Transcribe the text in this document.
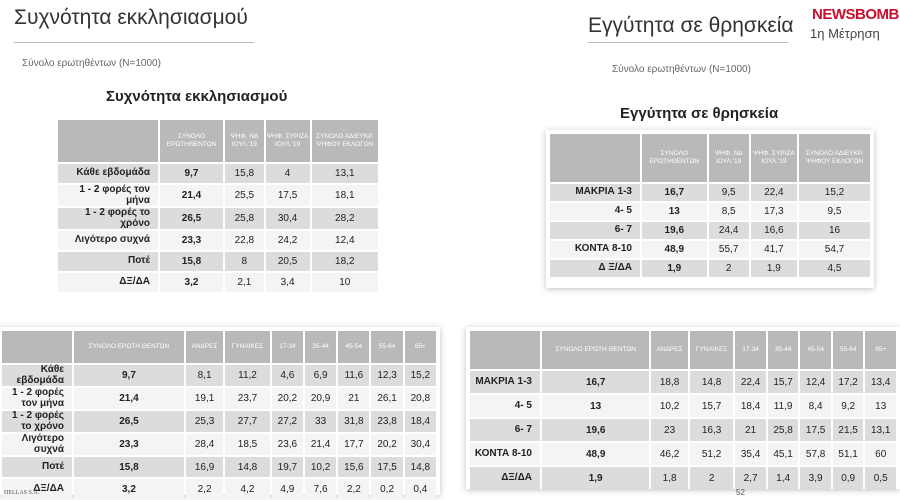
Συχνότητα εκκλησιασμού	Εγγύτητα σε θρησκεία NEWSBOMB
1η Μέτρηση
Σύνολο ερωτηθέντων (N=1000)
Σύνολο ερωτηθέντων (N=1000)
Συχνότητα εκκλησιασμού
Εγγύτητα σε θρησκεία
	ΣΥΝΟΛΟ ΕΡΩΤΗΘΕΝΤΩΝ	ΨΗΦ. ΝΔ ΙΟΥΛ.'19	ΨΗΦ. ΣΥΡΙΖΑ ΙΟΥΛ.'19	ΣΥΝΟΛΟ ΑΔΙΕΥΚΡ. ΨΗΦΟΥ ΕΚΛΟΓΩΝ
Κάθε εβδομάδα	9,7	15,8	4	13,1
1 - 2 φορές τον μήνα	21,4	25,5	17,5	18,1
1 - 2 φορές το χρόνο	26,5	25,8	30,4	28,2
Λιγότερο συχνά	23,3	22,8	24,2	12,4
Ποτέ	15,8	8	20,5	18,2
ΔΞ/ΔΑ	3,2	2,1	3,4	10
	ΣΥΝΟΛΟ ΕΡΩΤΗΘΕΝΤΩΝ	ΨΗΦ. ΝΔ ΙΟΥΛ.'19	ΨΗΦ. ΣΥΡΙΖΑ ΙΟΥΛ.'19	ΣΥΝΟΛΟ ΑΔΙΕΥΚΡ. ΨΗΦΟΥ ΕΚΛΟΓΩΝ
ΜΑΚΡΙΑ 1-3	16,7	9,5	22,4	15,2
4- 5	13	8,5	17,3	9,5
6- 7	19,6	24,4	16,6	16
ΚΟΝΤΑ 8-10	48,9	55,7	41,7	54,7
Δ Ξ/ΔΑ	1,9	2	1,9	4,5
	ΣΥΝΟΛΟ ΕΡΩΤΗ ΘΕΝΤΩΝ	ΑΝΔΡΕΣ	ΓΥΝΑΙΚΕΣ	17-34	35-44	45-54	55-64	65+
Κάθε εβδομάδα	9,7	8,1	11,2	4,6	6,9	11,6	12,3	15,2
1 - 2 φορές τον μήνα	21,4	19,1	23,7	20,2	20,9	21	26,1	20,8
1 - 2 φορές το χρόνο	26,5	25,3	27,7	27,2	33	31,8	23,8	18,4
Λιγότερο συχνά	23,3	28,4	18,5	23,6	21,4	17,7	20,2	30,4
Ποτέ	15,8	16,9	14,8	19,7	10,2	15,6	17,5	14,8
ΔΞ/ΔΑ	3,2	2,2	4,2	4,9	7,6	2,2	0,2	0,4
	ΣΥΝΟΛΟ ΕΡΩΤΗ ΘΕΝΤΩΝ	ΑΝΔΡΕΣ	ΓΥΝΑΙΚΕΣ	17-34	35-44	45-54	55-64	65+
ΜΑΚΡΙΑ 1-3	16,7	18,8	14,8	22,4	15,7	12,4	17,2	13,4
4- 5	13	10,2	15,7	18,4	11,9	8,4	9,2	13
6- 7	19,6	23	16,3	21	25,8	17,5	21,5	13,1
ΚΟΝΤΑ 8-10	48,9	46,2	51,2	35,4	45,1	57,8	51,1	60
ΔΞ/ΔΑ	1,9	1,8	2	2,7	1,4	3,9	0,9	0,5
HELLAS S.A.	52
